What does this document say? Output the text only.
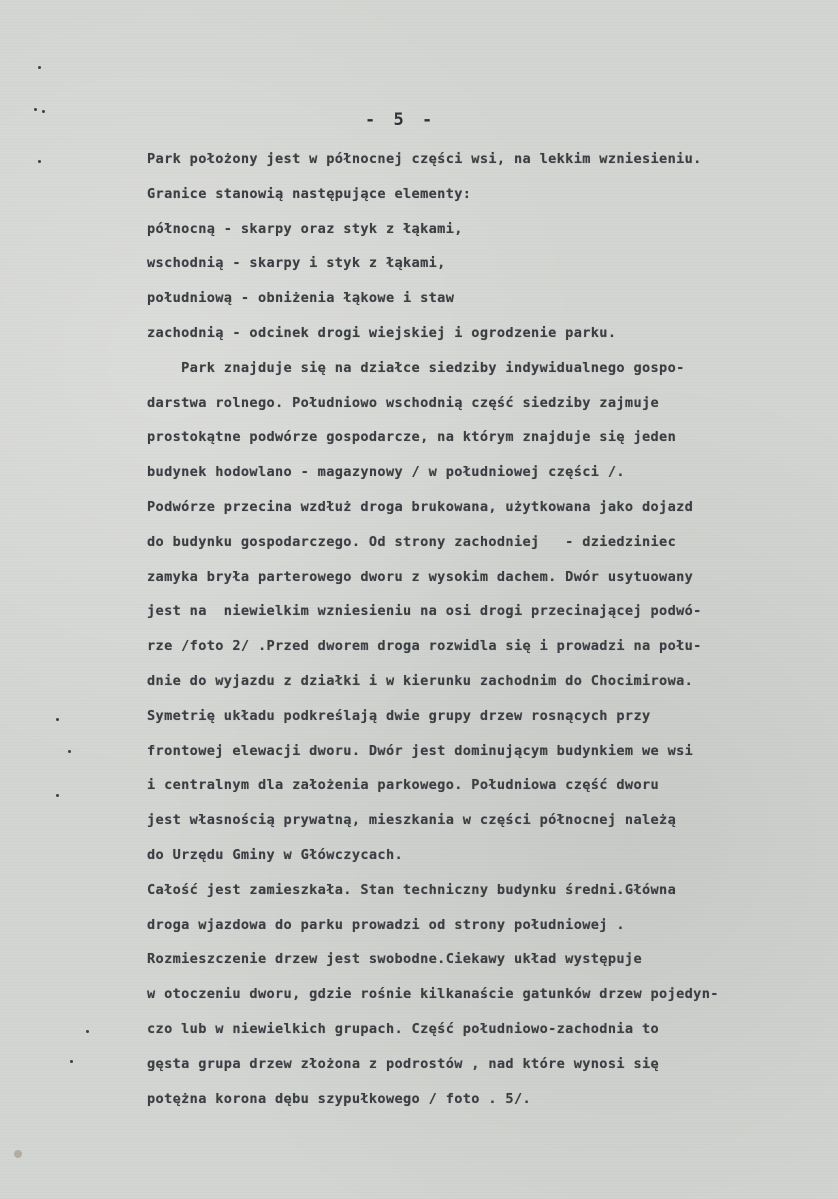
- 5 -
Park położony jest w północnej części wsi, na lekkim wzniesieniu.
Granice stanowią następujące elementy:
północną - skarpy oraz styk z łąkami,
wschodnią - skarpy i styk z łąkami,
południową - obniżenia łąkowe i staw
zachodnią - odcinek drogi wiejskiej i ogrodzenie parku.
Park znajduje się na działce siedziby indywidualnego gospo-
darstwa rolnego. Południowo wschodnią część siedziby zajmuje
prostokątne podwórze gospodarcze, na którym znajduje się jeden
budynek hodowlano - magazynowy / w południowej części /.
Podwórze przecina wzdłuż droga brukowana, użytkowana jako dojazd
do budynku gospodarczego. Od strony zachodniej   - dziedziniec
zamyka bryła parterowego dworu z wysokim dachem. Dwór usytuowany
jest na  niewielkim wzniesieniu na osi drogi przecinającej podwó-
rze /foto 2/ .Przed dworem droga rozwidla się i prowadzi na połu-
dnie do wyjazdu z działki i w kierunku zachodnim do Chocimirowa.
Symetrię układu podkreślają dwie grupy drzew rosnących przy
frontowej elewacji dworu. Dwór jest dominującym budynkiem we wsi
i centralnym dla założenia parkowego. Południowa część dworu
jest własnością prywatną, mieszkania w części północnej należą
do Urzędu Gminy w Główczycach.
Całość jest zamieszkała. Stan techniczny budynku średni.Główna
droga wjazdowa do parku prowadzi od strony południowej .
Rozmieszczenie drzew jest swobodne.Ciekawy układ występuje
w otoczeniu dworu, gdzie rośnie kilkanaście gatunków drzew pojedyn-
czo lub w niewielkich grupach. Część południowo-zachodnia to
gęsta grupa drzew złożona z podrostów , nad które wynosi się
potężna korona dębu szypułkowego / foto . 5/.
